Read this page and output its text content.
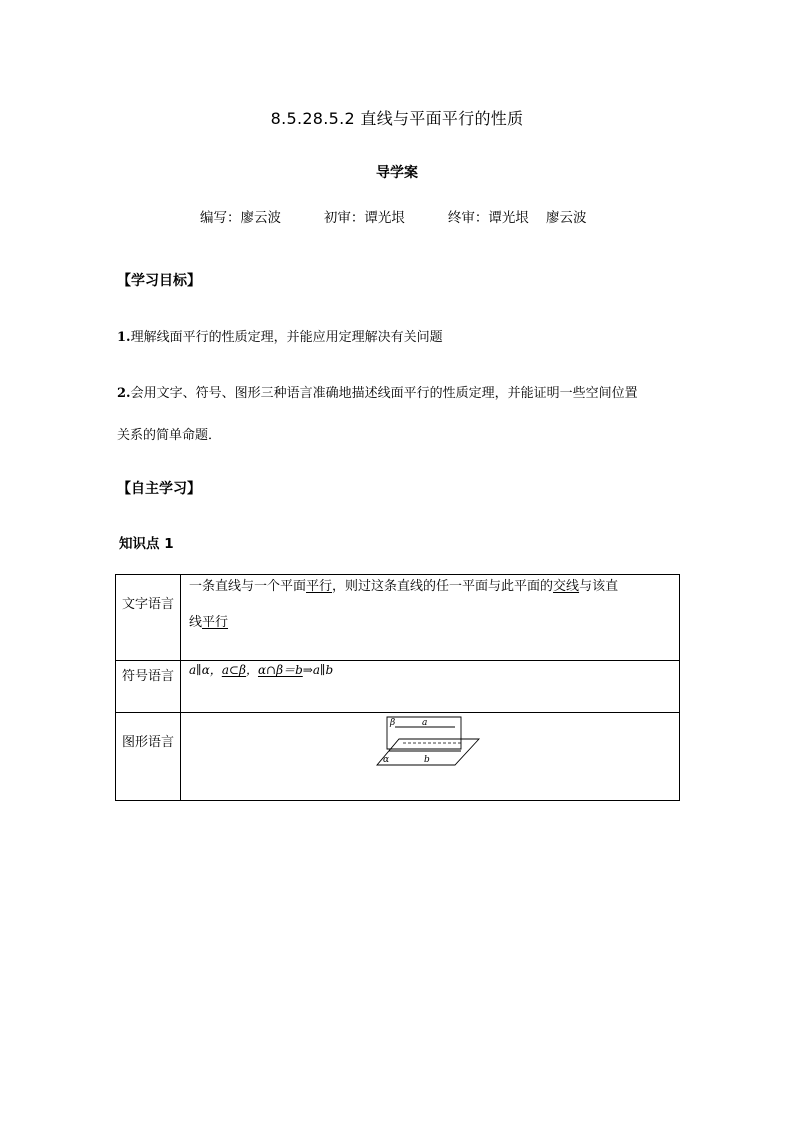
8.5.28.5.2 直线与平面平行的性质
导学案
编写：廖云波          初审：谭光垠          终审：谭光垠    廖云波
【学习目标】
1.理解线面平行的性质定理，并能应用定理解决有关问题
2.会用文字、符号、图形三种语言准确地描述线面平行的性质定理，并能证明一些空间位置
关系的简单命题．
【自主学习】
知识点 1
文字语言	一条直线与一个平面平行，则过这条直线的任一平面与此平面的交线与该直
线平行

符号语言	a∥α，a⊂β，α∩β＝b⇒a∥b
图形语言	β a
α b
